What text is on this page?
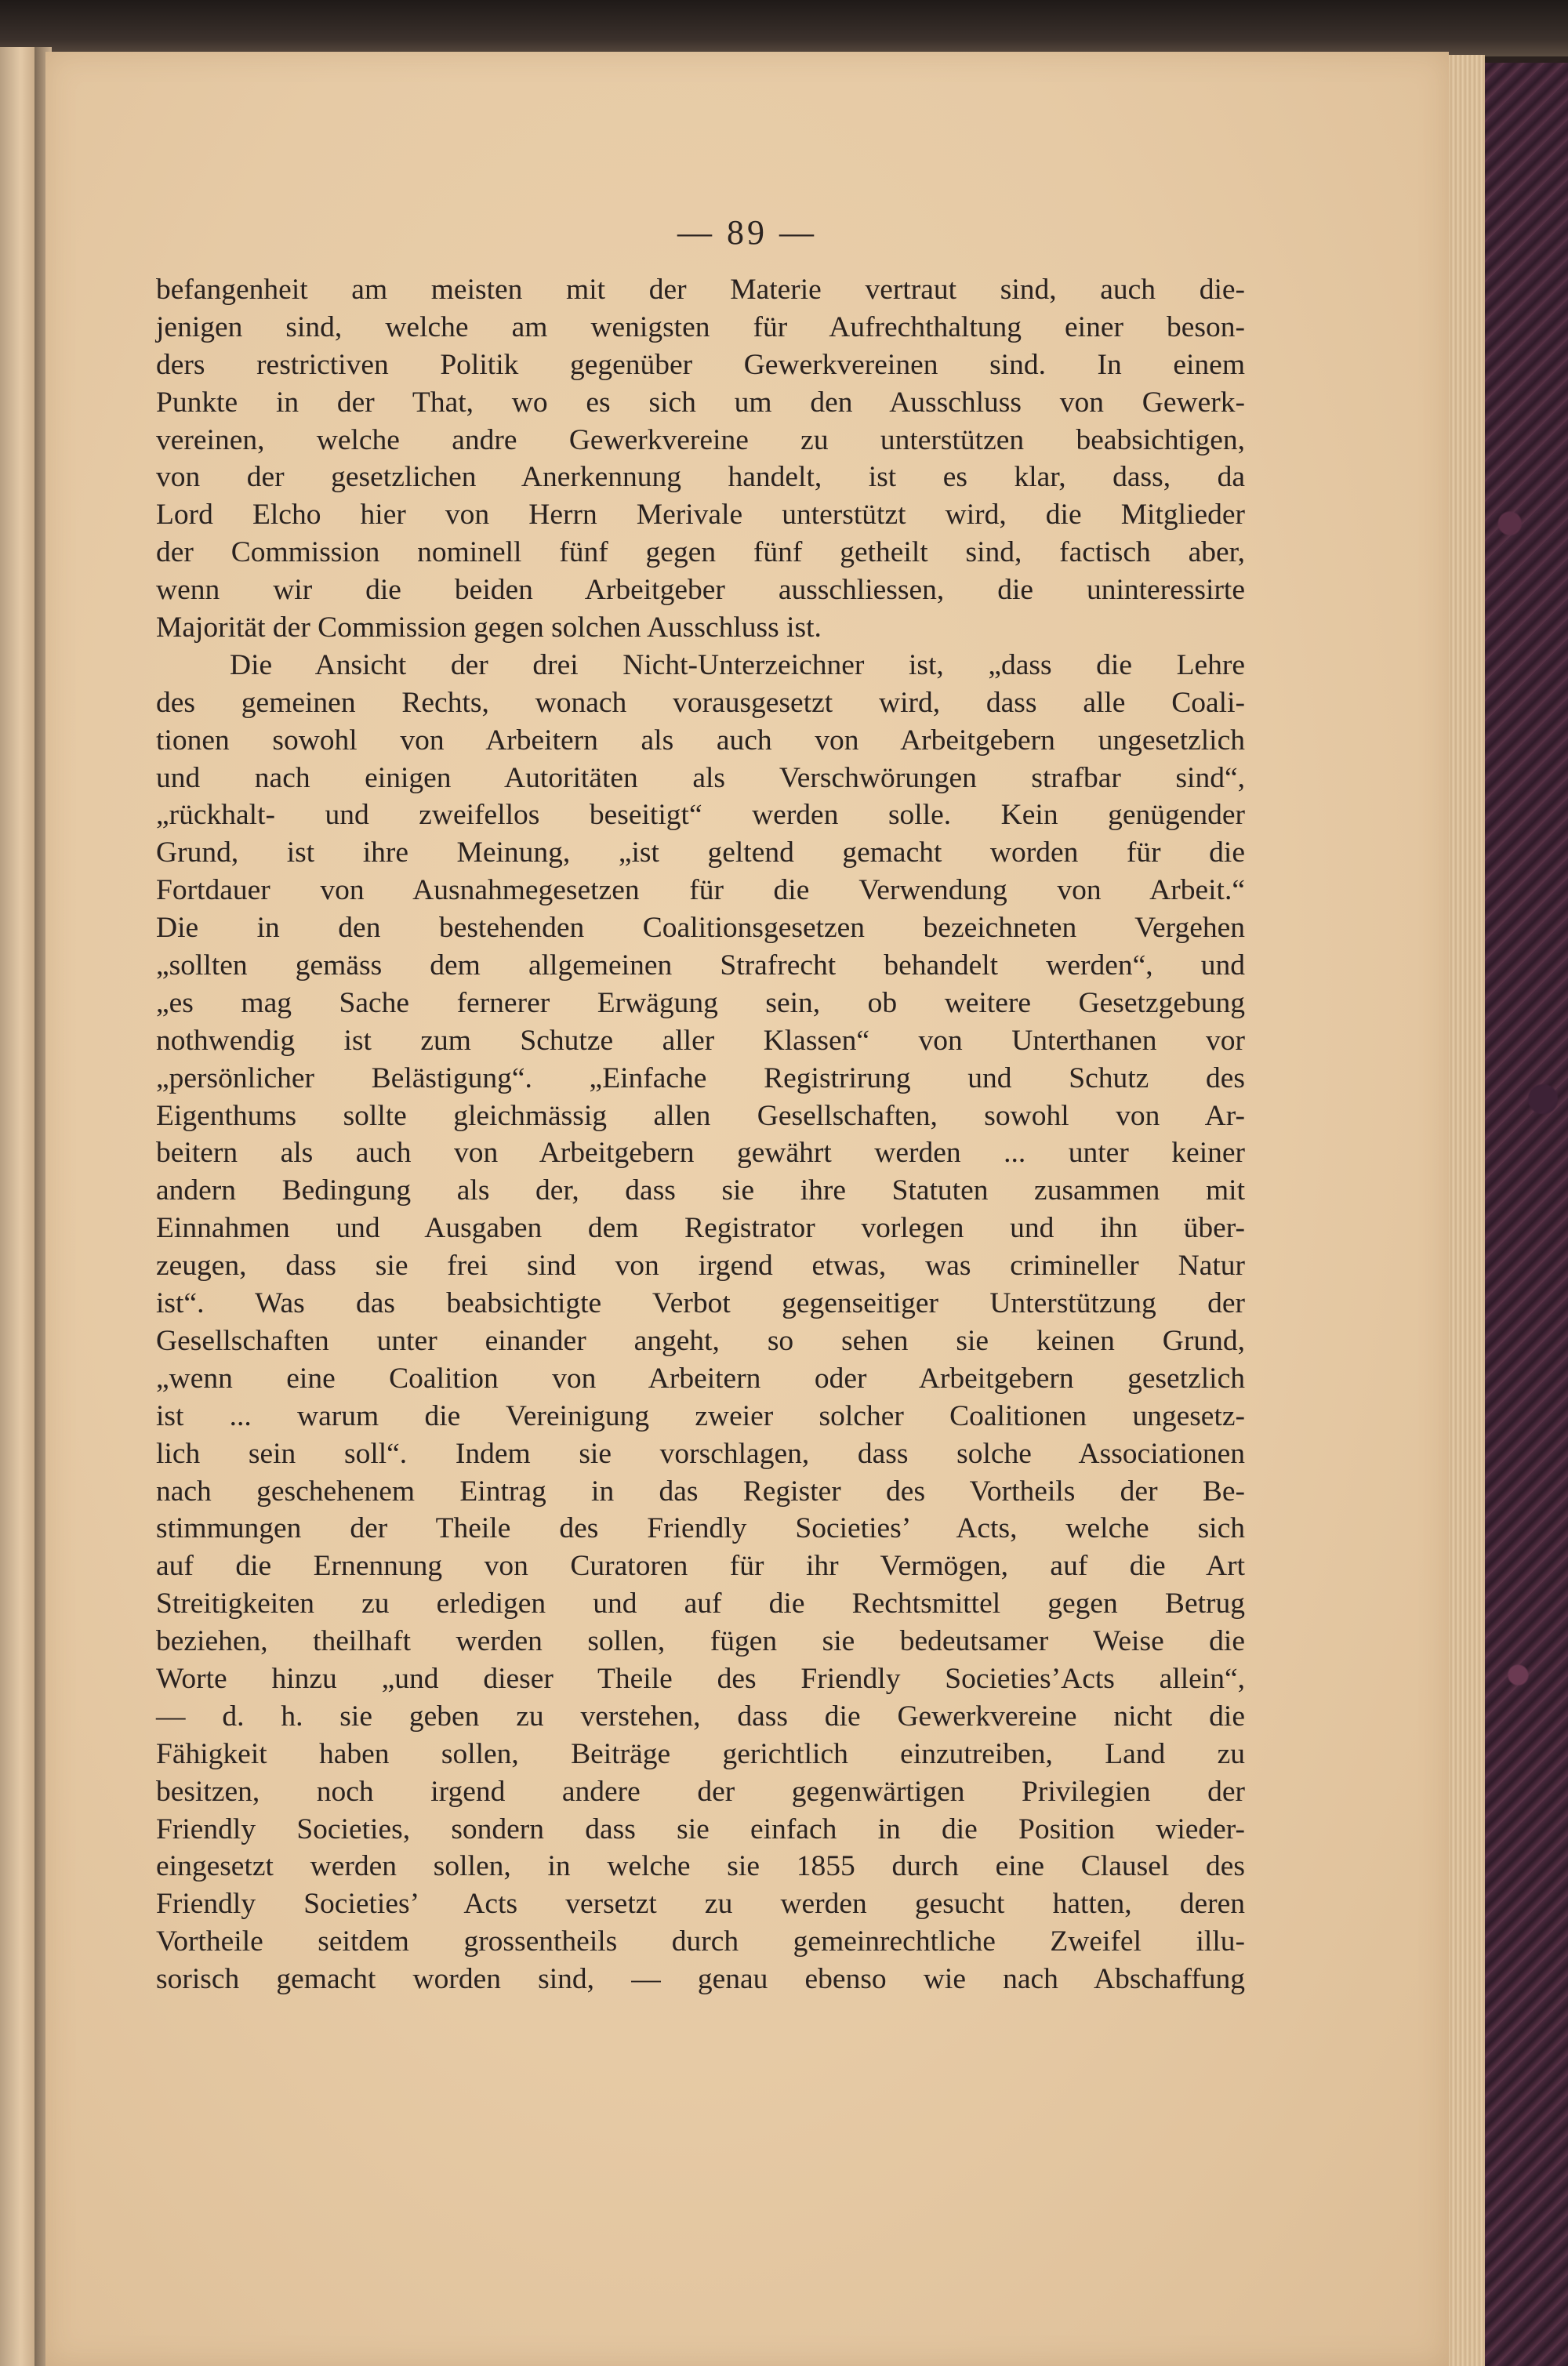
— 89 —
befangenheit am meisten mit der Materie vertraut sind, auch die-
jenigen sind, welche am wenigsten für Aufrechthaltung einer beson-
ders restrictiven Politik gegenüber Gewerkvereinen sind. In einem
Punkte in der That, wo es sich um den Ausschluss von Gewerk-
vereinen, welche andre Gewerkvereine zu unterstützen beabsichtigen,
von der gesetzlichen Anerkennung handelt, ist es klar, dass, da
Lord Elcho hier von Herrn Merivale unterstützt wird, die Mitglieder
der Commission nominell fünf gegen fünf getheilt sind, factisch aber,
wenn wir die beiden Arbeitgeber ausschliessen, die uninteressirte
Majorität der Commission gegen solchen Ausschluss ist.
Die Ansicht der drei Nicht-Unterzeichner ist, „dass die Lehre
des gemeinen Rechts, wonach vorausgesetzt wird, dass alle Coali-
tionen sowohl von Arbeitern als auch von Arbeitgebern ungesetzlich
und nach einigen Autoritäten als Verschwörungen strafbar sind“,
„rückhalt- und zweifellos beseitigt“ werden solle. Kein genügender
Grund, ist ihre Meinung, „ist geltend gemacht worden für die
Fortdauer von Ausnahmegesetzen für die Verwendung von Arbeit.“
Die in den bestehenden Coalitionsgesetzen bezeichneten Vergehen
„sollten gemäss dem allgemeinen Strafrecht behandelt werden“, und
„es mag Sache fernerer Erwägung sein, ob weitere Gesetzgebung
nothwendig ist zum Schutze aller Klassen“ von Unterthanen vor
„persönlicher Belästigung“. „Einfache Registrirung und Schutz des
Eigenthums sollte gleichmässig allen Gesellschaften, sowohl von Ar-
beitern als auch von Arbeitgebern gewährt werden ... unter keiner
andern Bedingung als der, dass sie ihre Statuten zusammen mit
Einnahmen und Ausgaben dem Registrator vorlegen und ihn über-
zeugen, dass sie frei sind von irgend etwas, was crimineller Natur
ist“. Was das beabsichtigte Verbot gegenseitiger Unterstützung der
Gesellschaften unter einander angeht, so sehen sie keinen Grund,
„wenn eine Coalition von Arbeitern oder Arbeitgebern gesetzlich
ist ... warum die Vereinigung zweier solcher Coalitionen ungesetz-
lich sein soll“. Indem sie vorschlagen, dass solche Associationen
nach geschehenem Eintrag in das Register des Vortheils der Be-
stimmungen der Theile des Friendly Societies’ Acts, welche sich
auf die Ernennung von Curatoren für ihr Vermögen, auf die Art
Streitigkeiten zu erledigen und auf die Rechtsmittel gegen Betrug
beziehen, theilhaft werden sollen, fügen sie bedeutsamer Weise die
Worte hinzu „und dieser Theile des Friendly Societies’Acts allein“,
— d. h. sie geben zu verstehen, dass die Gewerkvereine nicht die
Fähigkeit haben sollen, Beiträge gerichtlich einzutreiben, Land zu
besitzen, noch irgend andere der gegenwärtigen Privilegien der
Friendly Societies, sondern dass sie einfach in die Position wieder-
eingesetzt werden sollen, in welche sie 1855 durch eine Clausel des
Friendly Societies’ Acts versetzt zu werden gesucht hatten, deren
Vortheile seitdem grossentheils durch gemeinrechtliche Zweifel illu-
sorisch gemacht worden sind, — genau ebenso wie nach Abschaffung
